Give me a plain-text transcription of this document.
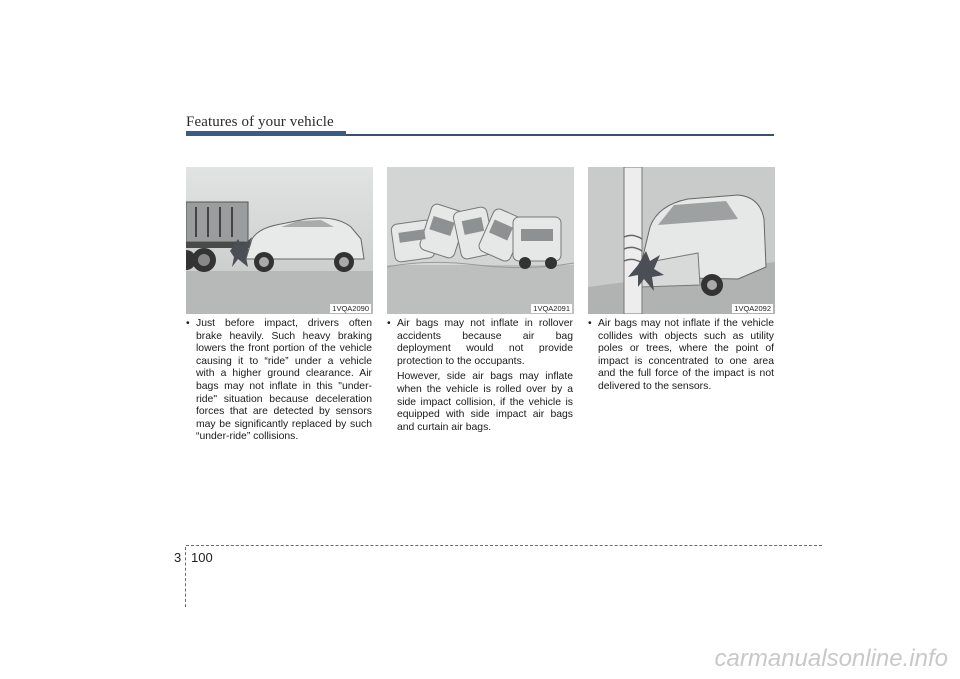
Features of your vehicle
1VQA2090	1VQA2091	1VQA2092
• Just before impact, drivers often brake heavily. Such heavy braking lowers the front portion of the vehicle causing it to “ride” under a vehicle with a higher ground clearance. Air bags may not inflate in this "under-ride" situation because deceleration forces that are detected by sensors may be significantly replaced by such “under-ride” collisions.
• Air bags may not inflate in rollover accidents because air bag deployment would not provide protection to the occupants.
However, side air bags may inflate when the vehicle is rolled over by a side impact collision, if the vehicle is equipped with side impact air bags and curtain air bags.
• Air bags may not inflate if the vehicle collides with objects such as utility poles or trees, where the point of impact is concentrated to one area and the full force of the impact is not delivered to the sensors.
3 100
carmanualsonline.info
